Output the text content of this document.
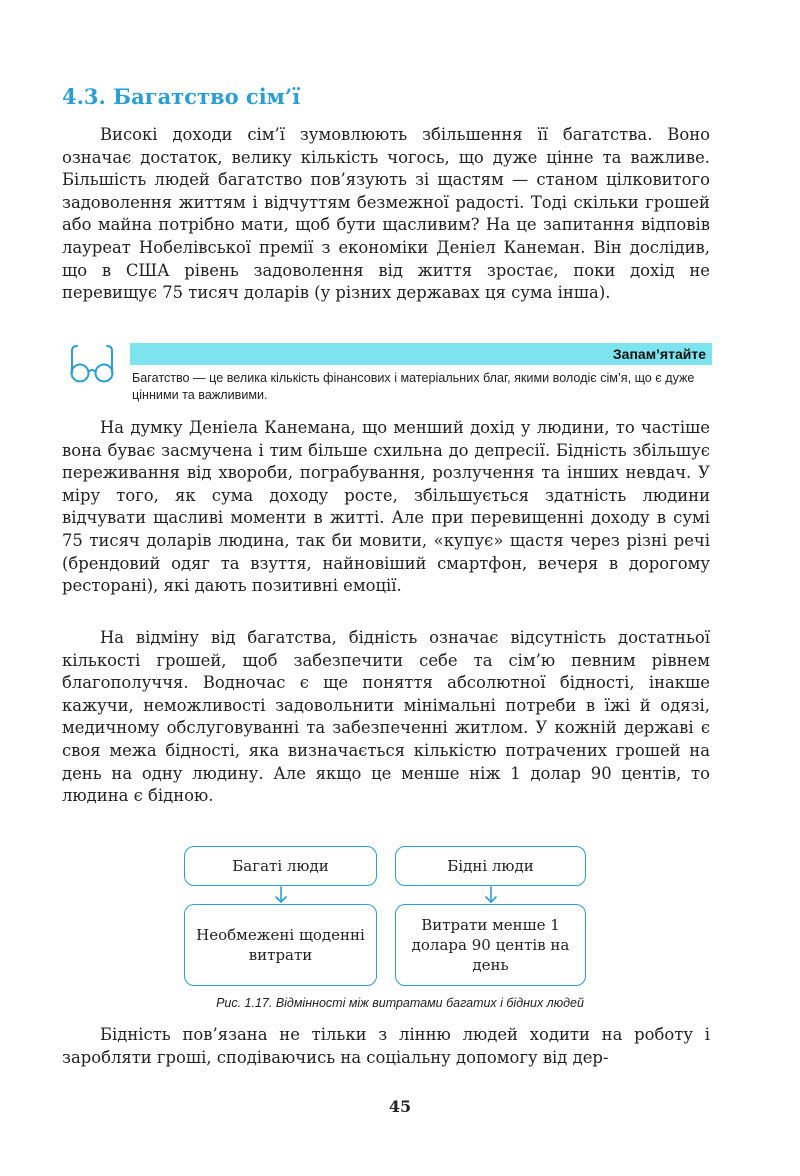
4.3. Багатство сім’ї

Високі доходи сім’ї зумовлюють збільшення її багатства. Воно означає достаток, велику кількість чогось, що дуже цінне та важливе. Більшість людей багатство пов’язують зі щастям — станом цілковитого задоволення життям і відчуттям безмежної радості. Тоді скільки грошей або майна потрібно мати, щоб бути щасливим? На це запитання відповів лауреат Нобелівської премії з економіки Деніел Канеман. Він дослідив, що в США рівень задоволення від життя зростає, поки дохід не перевищує 75 тисяч доларів (у різних державах ця сума інша).

Запам’ятайте
Багатство — це велика кількість фінансових і матеріальних благ, якими володіє сім’я, що є дуже цінними та важливими.

На думку Деніела Канемана, що менший дохід у людини, то частіше вона буває засмучена і тим більше схильна до депресії. Бідність збільшує переживання від хвороби, пограбування, розлучення та інших невдач. У міру того, як сума доходу росте, збільшується здатність людини відчувати щасливі моменти в житті. Але при перевищенні доходу в сумі 75 тисяч доларів людина, так би мовити, «купує» щастя через різні речі (брендовий одяг та взуття, найновіший смартфон, вечеря в дорогому ресторані), які дають позитивні емоції.

На відміну від багатства, бідність означає відсутність достатньої кількості грошей, щоб забезпечити себе та сім’ю певним рівнем благополуччя. Водночас є ще поняття абсолютної бідності, інакше кажучи, неможливості задовольнити мінімальні потреби в їжі й одязі, медичному обслуговуванні та забезпеченні житлом. У кожній державі є своя межа бідності, яка визначається кількістю потрачених грошей на день на одну людину. Але якщо це менше ніж 1 долар 90 центів, то людина є бідною.

Багаті люди	Бідні люди
Необмежені щоденні витрати
Витрати менше 1 долара 90 центів на день
Рис. 1.17. Відмінності між витратами багатих і бідних людей

Бідність пов’язана не тільки з лінню людей ходити на роботу і заробляти гроші, сподіваючись на соціальну допомогу від дер-

45
